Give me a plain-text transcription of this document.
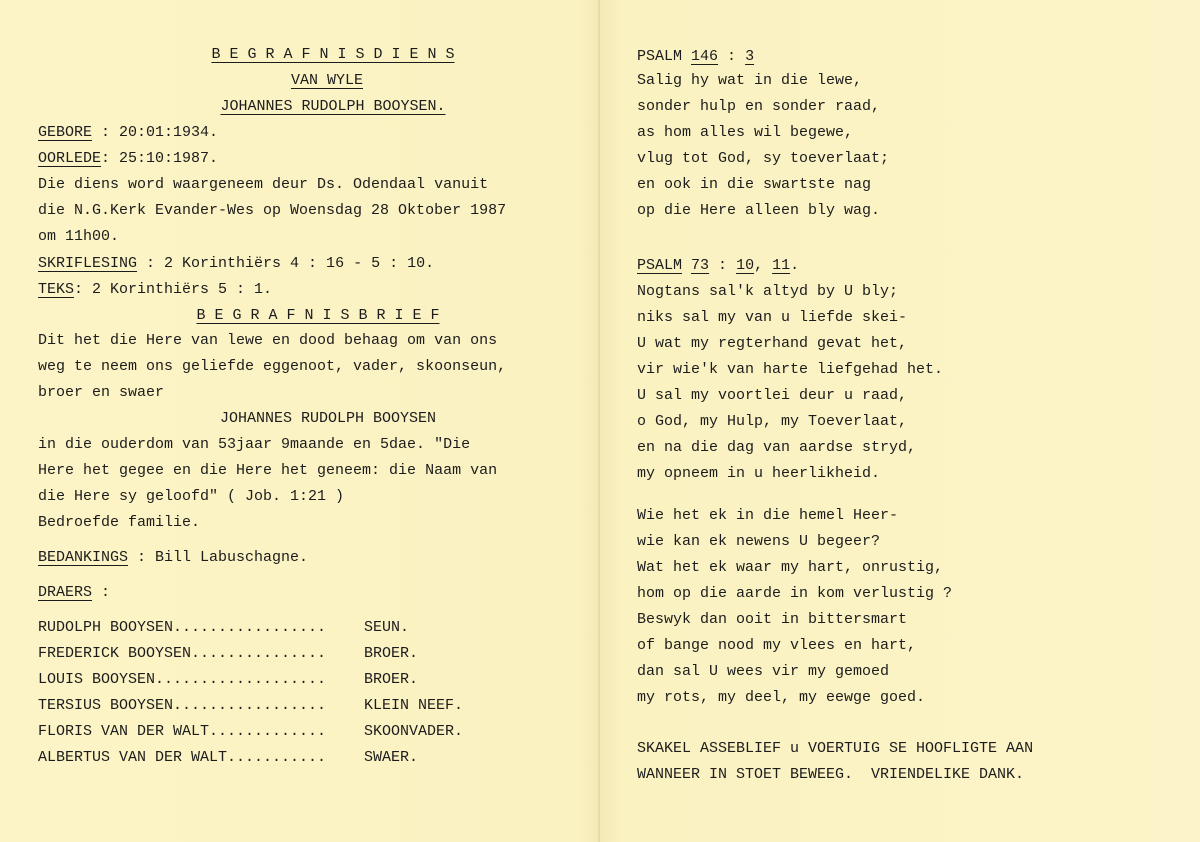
B E G R A F N I S D I E N S
VAN WYLE
JOHANNES RUDOLPH BOOYSEN.
GEBORE : 20:01:1934.
OORLEDE: 25:10:1987.
Die diens word waargeneem deur Ds. Odendaal vanuit
die N.G.Kerk Evander-Wes op Woensdag 28 Oktober 1987
om 11h00.
SKRIFLESING : 2 Korinthiërs 4 : 16 - 5 : 10.
TEKS: 2 Korinthiërs 5 : 1.
B E G R A F N I S B R I E F
Dit het die Here van lewe en dood behaag om van ons
weg te neem ons geliefde eggenoot, vader, skoonseun,
broer en swaer
JOHANNES RUDOLPH BOOYSEN
in die ouderdom van 53jaar 9maande en 5dae. "Die
Here het gegee en die Here het geneem: die Naam van
die Here sy geloofd" ( Job. 1:21 )
Bedroefde familie.
BEDANKINGS : Bill Labuschagne.
DRAERS :
RUDOLPH BOOYSEN.................	SEUN.
FREDERICK BOOYSEN...............	BROER.
LOUIS BOOYSEN...................	BROER.
TERSIUS BOOYSEN.................	KLEIN NEEF.
FLORIS VAN DER WALT.............	SKOONVADER.
ALBERTUS VAN DER WALT...........	SWAER.
PSALM 146 : 3
Salig hy wat in die lewe,
sonder hulp en sonder raad,
as hom alles wil begewe,
vlug tot God, sy toeverlaat;
en ook in die swartste nag
op die Here alleen bly wag.
PSALM 73 : 10, 11.
Nogtans sal'k altyd by U bly;
niks sal my van u liefde skei-
U wat my regterhand gevat het,
vir wie'k van harte liefgehad het.
U sal my voortlei deur u raad,
o God, my Hulp, my Toeverlaat,
en na die dag van aardse stryd,
my opneem in u heerlikheid.
Wie het ek in die hemel Heer-
wie kan ek newens U begeer?
Wat het ek waar my hart, onrustig,
hom op die aarde in kom verlustig ?
Beswyk dan ooit in bittersmart
of bange nood my vlees en hart,
dan sal U wees vir my gemoed
my rots, my deel, my eewge goed.
SKAKEL ASSEBLIEF u VOERTUIG SE HOOFLIGTE AAN
WANNEER IN STOET BEWEEG.  VRIENDELIKE DANK.
